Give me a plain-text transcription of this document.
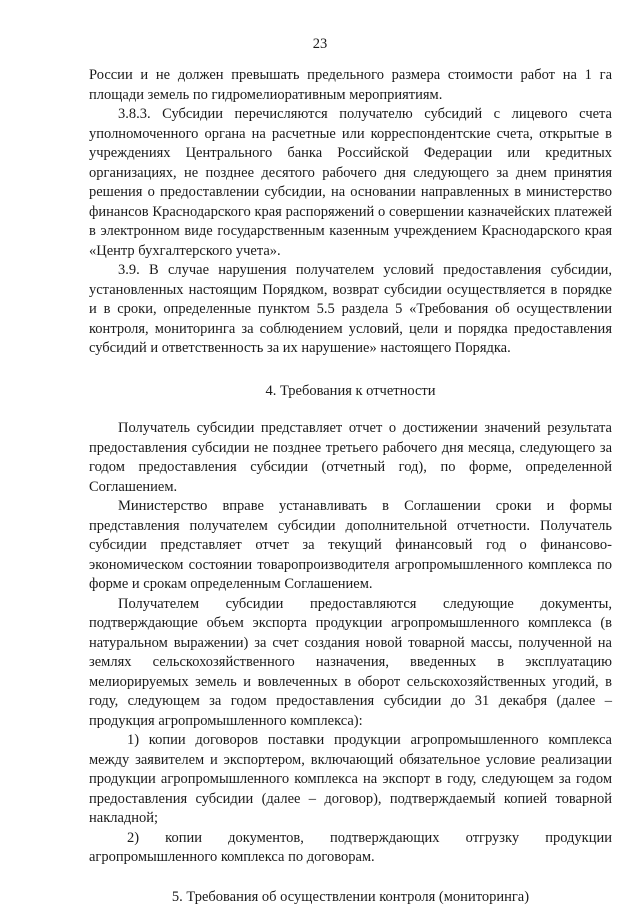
23

России и не должен превышать предельного размера стоимости работ на 1 га площади земель по гидромелиоративным мероприятиям.

3.8.3. Субсидии перечисляются получателю субсидий с лицевого счета уполномоченного органа на расчетные или корреспондентские счета, открытые в учреждениях Центрального банка Российской Федерации или кредитных организациях, не позднее десятого рабочего дня следующего за днем принятия решения о предоставлении субсидии, на основании направленных в министерство финансов Краснодарского края распоряжений о совершении казначейских платежей в электронном виде государственным казенным учреждением Краснодарского края «Центр бухгалтерского учета».

3.9. В случае нарушения получателем условий предоставления субсидии, установленных настоящим Порядком, возврат субсидии осуществляется в порядке и в сроки, определенные пунктом 5.5 раздела 5 «Требования об осуществлении контроля, мониторинга за соблюдением условий, цели и порядка предоставления субсидий и ответственность за их нарушение» настоящего Порядка.

4. Требования к отчетности

Получатель субсидии представляет отчет о достижении значений результата предоставления субсидии не позднее третьего рабочего дня месяца, следующего за годом предоставления субсидии (отчетный год), по форме, определенной Соглашением.

Министерство вправе устанавливать в Соглашении сроки и формы представления получателем субсидии дополнительной отчетности. Получатель субсидии представляет отчет за текущий финансовый год о финансово-экономическом состоянии товаропроизводителя агропромышленного комплекса по форме и срокам определенным Соглашением.

Получателем субсидии предоставляются следующие документы, подтверждающие объем экспорта продукции агропромышленного комплекса (в натуральном выражении) за счет создания новой товарной массы, полученной на землях сельскохозяйственного назначения, введенных в эксплуатацию мелиорируемых земель и вовлеченных в оборот сельскохозяйственных угодий, в году, следующем за годом предоставления субсидии до 31 декабря (далее – продукция агропромышленного комплекса):

1) копии договоров поставки продукции агропромышленного комплекса между заявителем и экспортером, включающий обязательное условие реализации продукции агропромышленного комплекса на экспорт в году, следующем за годом предоставления субсидии (далее – договор), подтверждаемый копией товарной накладной;

2) копии документов, подтверждающих отгрузку продукции агропромышленного комплекса по договорам.

5. Требования об осуществлении контроля (мониторинга)
